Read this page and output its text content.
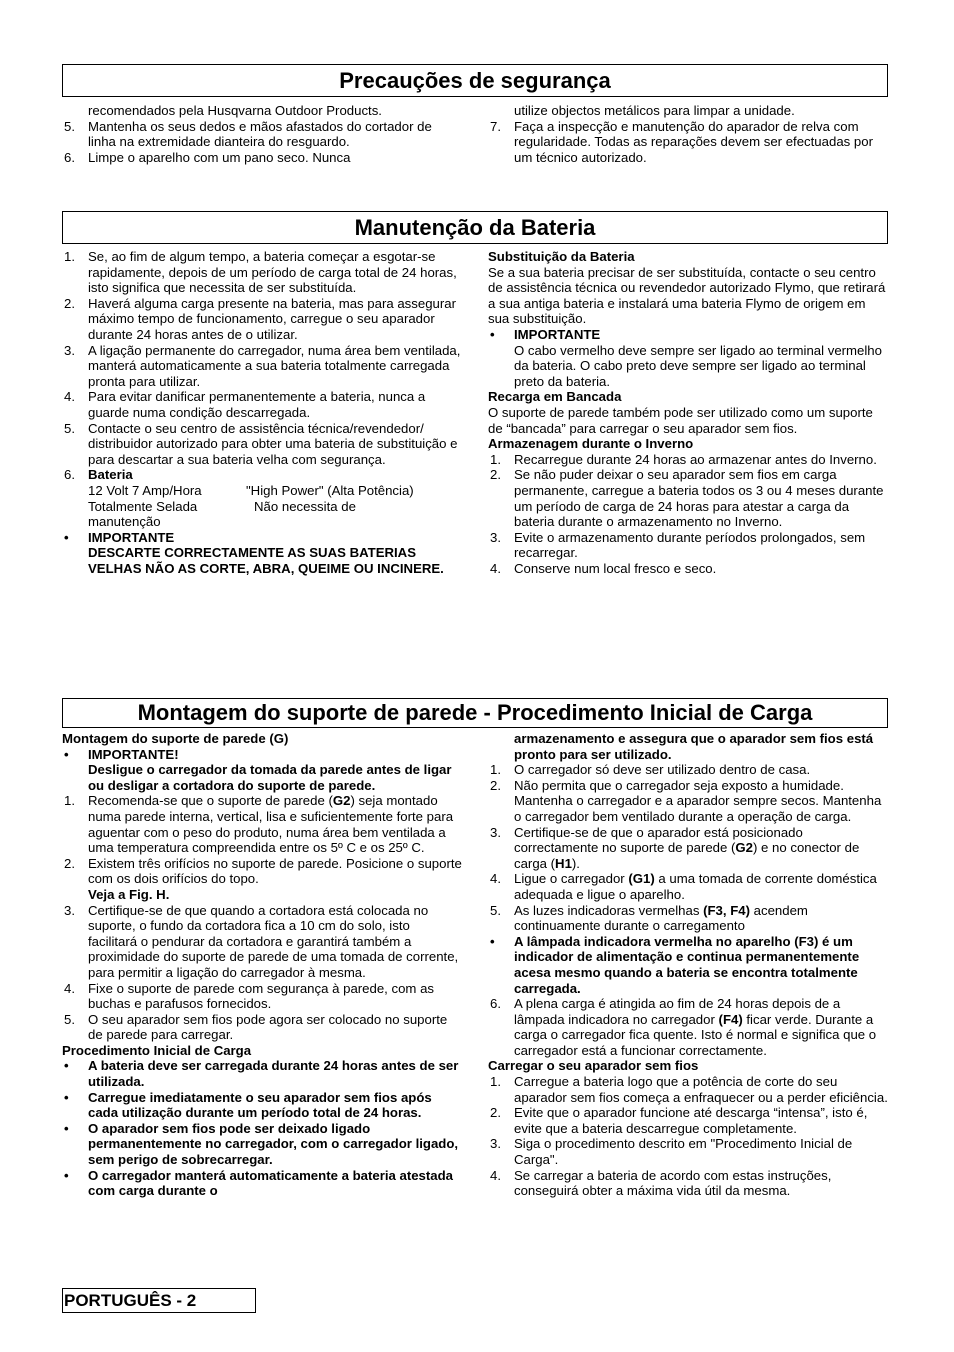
Precauções de segurança
recomendados pela Husqvarna Outdoor Products.
5. Mantenha os seus dedos e mãos afastados do cortador de linha na extremidade dianteira do resguardo.
6. Limpe o aparelho com um pano seco. Nunca
utilize objectos metálicos para limpar a unidade.
7. Faça a inspecção e manutenção do aparador de relva com regularidade. Todas as reparações devem ser efectuadas por um técnico autorizado.
Manutenção da Bateria
1. Se, ao fim de algum tempo, a bateria começar a esgotar-se rapidamente, depois de um período de carga total de 24 horas, isto significa que necessita de ser substituída.
2. Haverá alguma carga presente na bateria, mas para assegurar máximo tempo de funcionamento, carregue o seu aparador durante 24 horas antes de o utilizar.
3. A ligação permanente do carregador, numa área bem ventilada, manterá automaticamente a sua bateria totalmente carregada pronta para utilizar.
4. Para evitar danificar permanentemente a bateria, nunca a guarde numa condição descarregada.
5. Contacte o seu centro de assistência técnica/revendedor/ distribuidor autorizado para obter uma bateria de substituição e para descartar a sua bateria velha com segurança.
6. Bateria
12 Volt 7 Amp/Hora	"High Power" (Alta Potência)
Totalmente Selada	Não necessita de
manutenção
•	IMPORTANTE
DESCARTE CORRECTAMENTE AS SUAS BATERIAS VELHAS NÃO AS CORTE, ABRA, QUEIME OU INCINERE.
Substituição da Bateria
Se a sua bateria precisar de ser substituída, contacte o seu centro de assistência técnica ou revendedor autorizado Flymo, que retirará a sua antiga bateria e instalará uma bateria Flymo de origem em sua substituição.
•	IMPORTANTE
O cabo vermelho deve sempre ser ligado ao terminal vermelho da bateria. O cabo preto deve sempre ser ligado ao terminal preto da bateria.
Recarga em Bancada
O suporte de parede também pode ser utilizado como um suporte de “bancada” para carregar o seu aparador sem fios.
Armazenagem durante o Inverno
1. Recarregue durante 24 horas ao armazenar antes do Inverno.
2. Se não puder deixar o seu aparador sem fios em carga permanente, carregue a bateria todos os 3 ou 4 meses durante um período de carga de 24 horas para atestar a carga da bateria durante o armazenamento no Inverno.
3. Evite o armazenamento durante períodos prolongados, sem recarregar.
4. Conserve num local fresco e seco.
Montagem do suporte de parede - Procedimento Inicial de Carga
Montagem do suporte de parede (G)
•	IMPORTANTE!
Desligue o carregador da tomada da parede antes de ligar ou desligar a cortadora do suporte de parede.
1. Recomenda-se que o suporte de parede (G2) seja montado numa parede interna, vertical, lisa e suficientemente forte para aguentar com o peso do produto, numa área bem ventilada a uma temperatura compreendida entre os 5º C e os 25º C.
2. Existem três orifícios no suporte de parede. Posicione o suporte com os dois orifícios do topo.
Veja a Fig. H.
3. Certifique-se de que quando a cortadora está colocada no suporte, o fundo da cortadora fica a 10 cm do solo, isto facilitará o pendurar da cortadora e garantirá também a proximidade do suporte de parede de uma tomada de corrente, para permitir a ligação do carregador à mesma.
4. Fixe o suporte de parede com segurança à parede, com as buchas e parafusos fornecidos.
5. O seu aparador sem fios pode agora ser colocado no suporte de parede para carregar.
Procedimento Inicial de Carga
•	A bateria deve ser carregada durante 24 horas antes de ser utilizada.
•	Carregue imediatamente o seu aparador sem fios após cada utilização durante um período total de 24 horas.
•	O aparador sem fios pode ser deixado ligado permanentemente no carregador, com o carregador ligado, sem perigo de sobrecarregar.
•	O carregador manterá automaticamente a bateria atestada com carga durante o
armazenamento e assegura que o aparador sem fios está pronto para ser utilizado.
1. O carregador só deve ser utilizado dentro de casa.
2. Não permita que o carregador seja exposto a humidade. Mantenha o carregador e a aparador sempre secos. Mantenha o carregador bem ventilado durante a operação de carga.
3. Certifique-se de que o aparador está posicionado correctamente no suporte de parede (G2) e no conector de carga (H1).
4. Ligue o carregador (G1) a uma tomada de corrente doméstica adequada e ligue o aparelho.
5. As luzes indicadoras vermelhas (F3, F4) acendem continuamente durante o carregamento
•	A lâmpada indicadora vermelha no aparelho (F3) é um indicador de alimentação e continua permanentemente acesa mesmo quando a bateria se encontra totalmente carregada.
6. A plena carga é atingida ao fim de 24 horas depois de a lâmpada indicadora no carregador (F4) ficar verde. Durante a carga o carregador fica quente. Isto é normal e significa que o carregador está a funcionar correctamente.
Carregar o seu aparador sem fios
1. Carregue a bateria logo que a potência de corte do seu aparador sem fios começa a enfraquecer ou a perder eficiência.
2. Evite que o aparador funcione até descarga “intensa”, isto é, evite que a bateria descarregue completamente.
3. Siga o procedimento descrito em "Procedimento Inicial de Carga".
4. Se carregar a bateria de acordo com estas instruções, conseguirá obter a máxima vida útil da mesma.
PORTUGUÊS - 2
